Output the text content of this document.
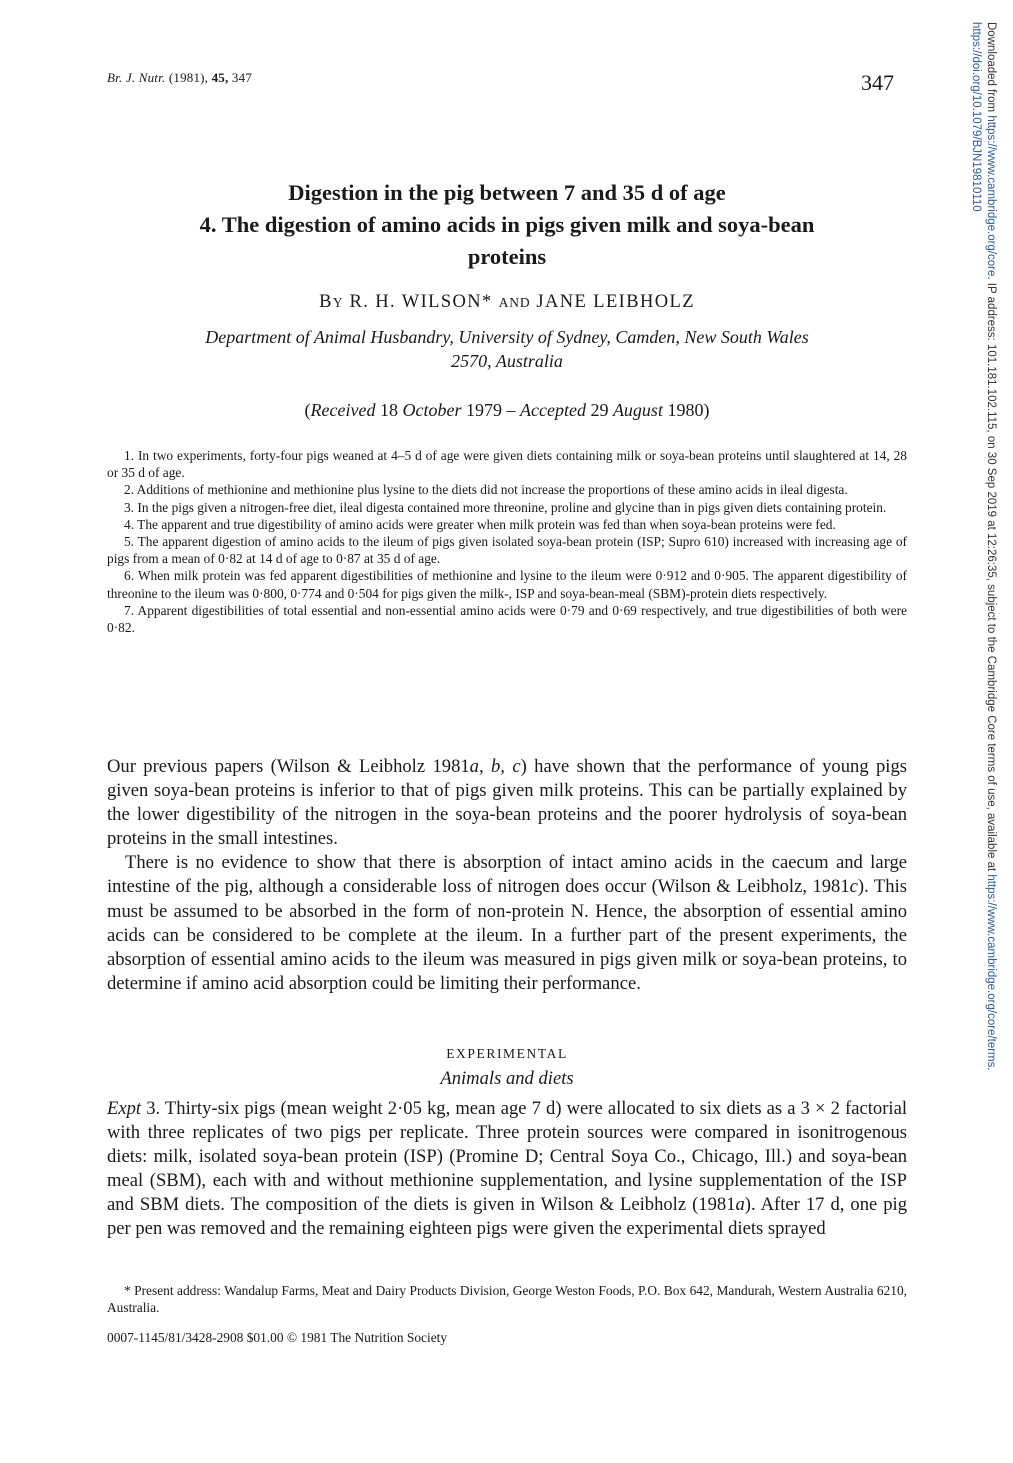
Br. J. Nutr. (1981), 45, 347	347	Downloaded from https://www.cambridge.org/core. IP address: 101.181.102.115, on 30 Sep 2019 at 12:26:35, subject to the Cambridge Core terms of use, available at https://www.cambridge.org/core/terms.
https://doi.org/10.1079/BJN19810110
Digestion in the pig between 7 and 35 d of age
4. The digestion of amino acids in pigs given milk and soya-bean
proteins
BY R. H. WILSON* AND JANE LEIBHOLZ
Department of Animal Husbandry, University of Sydney, Camden, New South Wales
2570, Australia
(Received 18 October 1979 – Accepted 29 August 1980)

1. In two experiments, forty-four pigs weaned at 4–5 d of age were given diets containing milk or soya-bean proteins until slaughtered at 14, 28 or 35 d of age.

2. Additions of methionine and methionine plus lysine to the diets did not increase the proportions of these amino acids in ileal digesta.

3. In the pigs given a nitrogen-free diet, ileal digesta contained more threonine, proline and glycine than in pigs given diets containing protein.

4. The apparent and true digestibility of amino acids were greater when milk protein was fed than when soya-bean proteins were fed.

5. The apparent digestion of amino acids to the ileum of pigs given isolated soya-bean protein (ISP; Supro 610) increased with increasing age of pigs from a mean of 0·82 at 14 d of age to 0·87 at 35 d of age.

6. When milk protein was fed apparent digestibilities of methionine and lysine to the ileum were 0·912 and 0·905. The apparent digestibility of threonine to the ileum was 0·800, 0·774 and 0·504 for pigs given the milk-, ISP and soya-bean-meal (SBM)-protein diets respectively.

7. Apparent digestibilities of total essential and non-essential amino acids were 0·79 and 0·69 respectively, and true digestibilities of both were 0·82.

Our previous papers (Wilson & Leibholz 1981a, b, c) have shown that the performance of young pigs given soya-bean proteins is inferior to that of pigs given milk proteins. This can be partially explained by the lower digestibility of the nitrogen in the soya-bean proteins and the poorer hydrolysis of soya-bean proteins in the small intestines.

There is no evidence to show that there is absorption of intact amino acids in the caecum and large intestine of the pig, although a considerable loss of nitrogen does occur (Wilson & Leibholz, 1981c). This must be assumed to be absorbed in the form of non-protein N. Hence, the absorption of essential amino acids can be considered to be complete at the ileum. In a further part of the present experiments, the absorption of essential amino acids to the ileum was measured in pigs given milk or soya-bean proteins, to determine if amino acid absorption could be limiting their performance.

EXPERIMENTAL
Animals and diets

Expt 3. Thirty-six pigs (mean weight 2·05 kg, mean age 7 d) were allocated to six diets as a 3 × 2 factorial with three replicates of two pigs per replicate. Three protein sources were compared in isonitrogenous diets: milk, isolated soya-bean protein (ISP) (Promine D; Central Soya Co., Chicago, Ill.) and soya-bean meal (SBM), each with and without methionine supplementation, and lysine supplementation of the ISP and SBM diets. The composition of the diets is given in Wilson & Leibholz (1981a). After 17 d, one pig per pen was removed and the remaining eighteen pigs were given the experimental diets sprayed

* Present address: Wandalup Farms, Meat and Dairy Products Division, George Weston Foods, P.O. Box 642, Mandurah, Western Australia 6210, Australia.

0007-1145/81/3428-2908 $01.00 © 1981 The Nutrition Society
